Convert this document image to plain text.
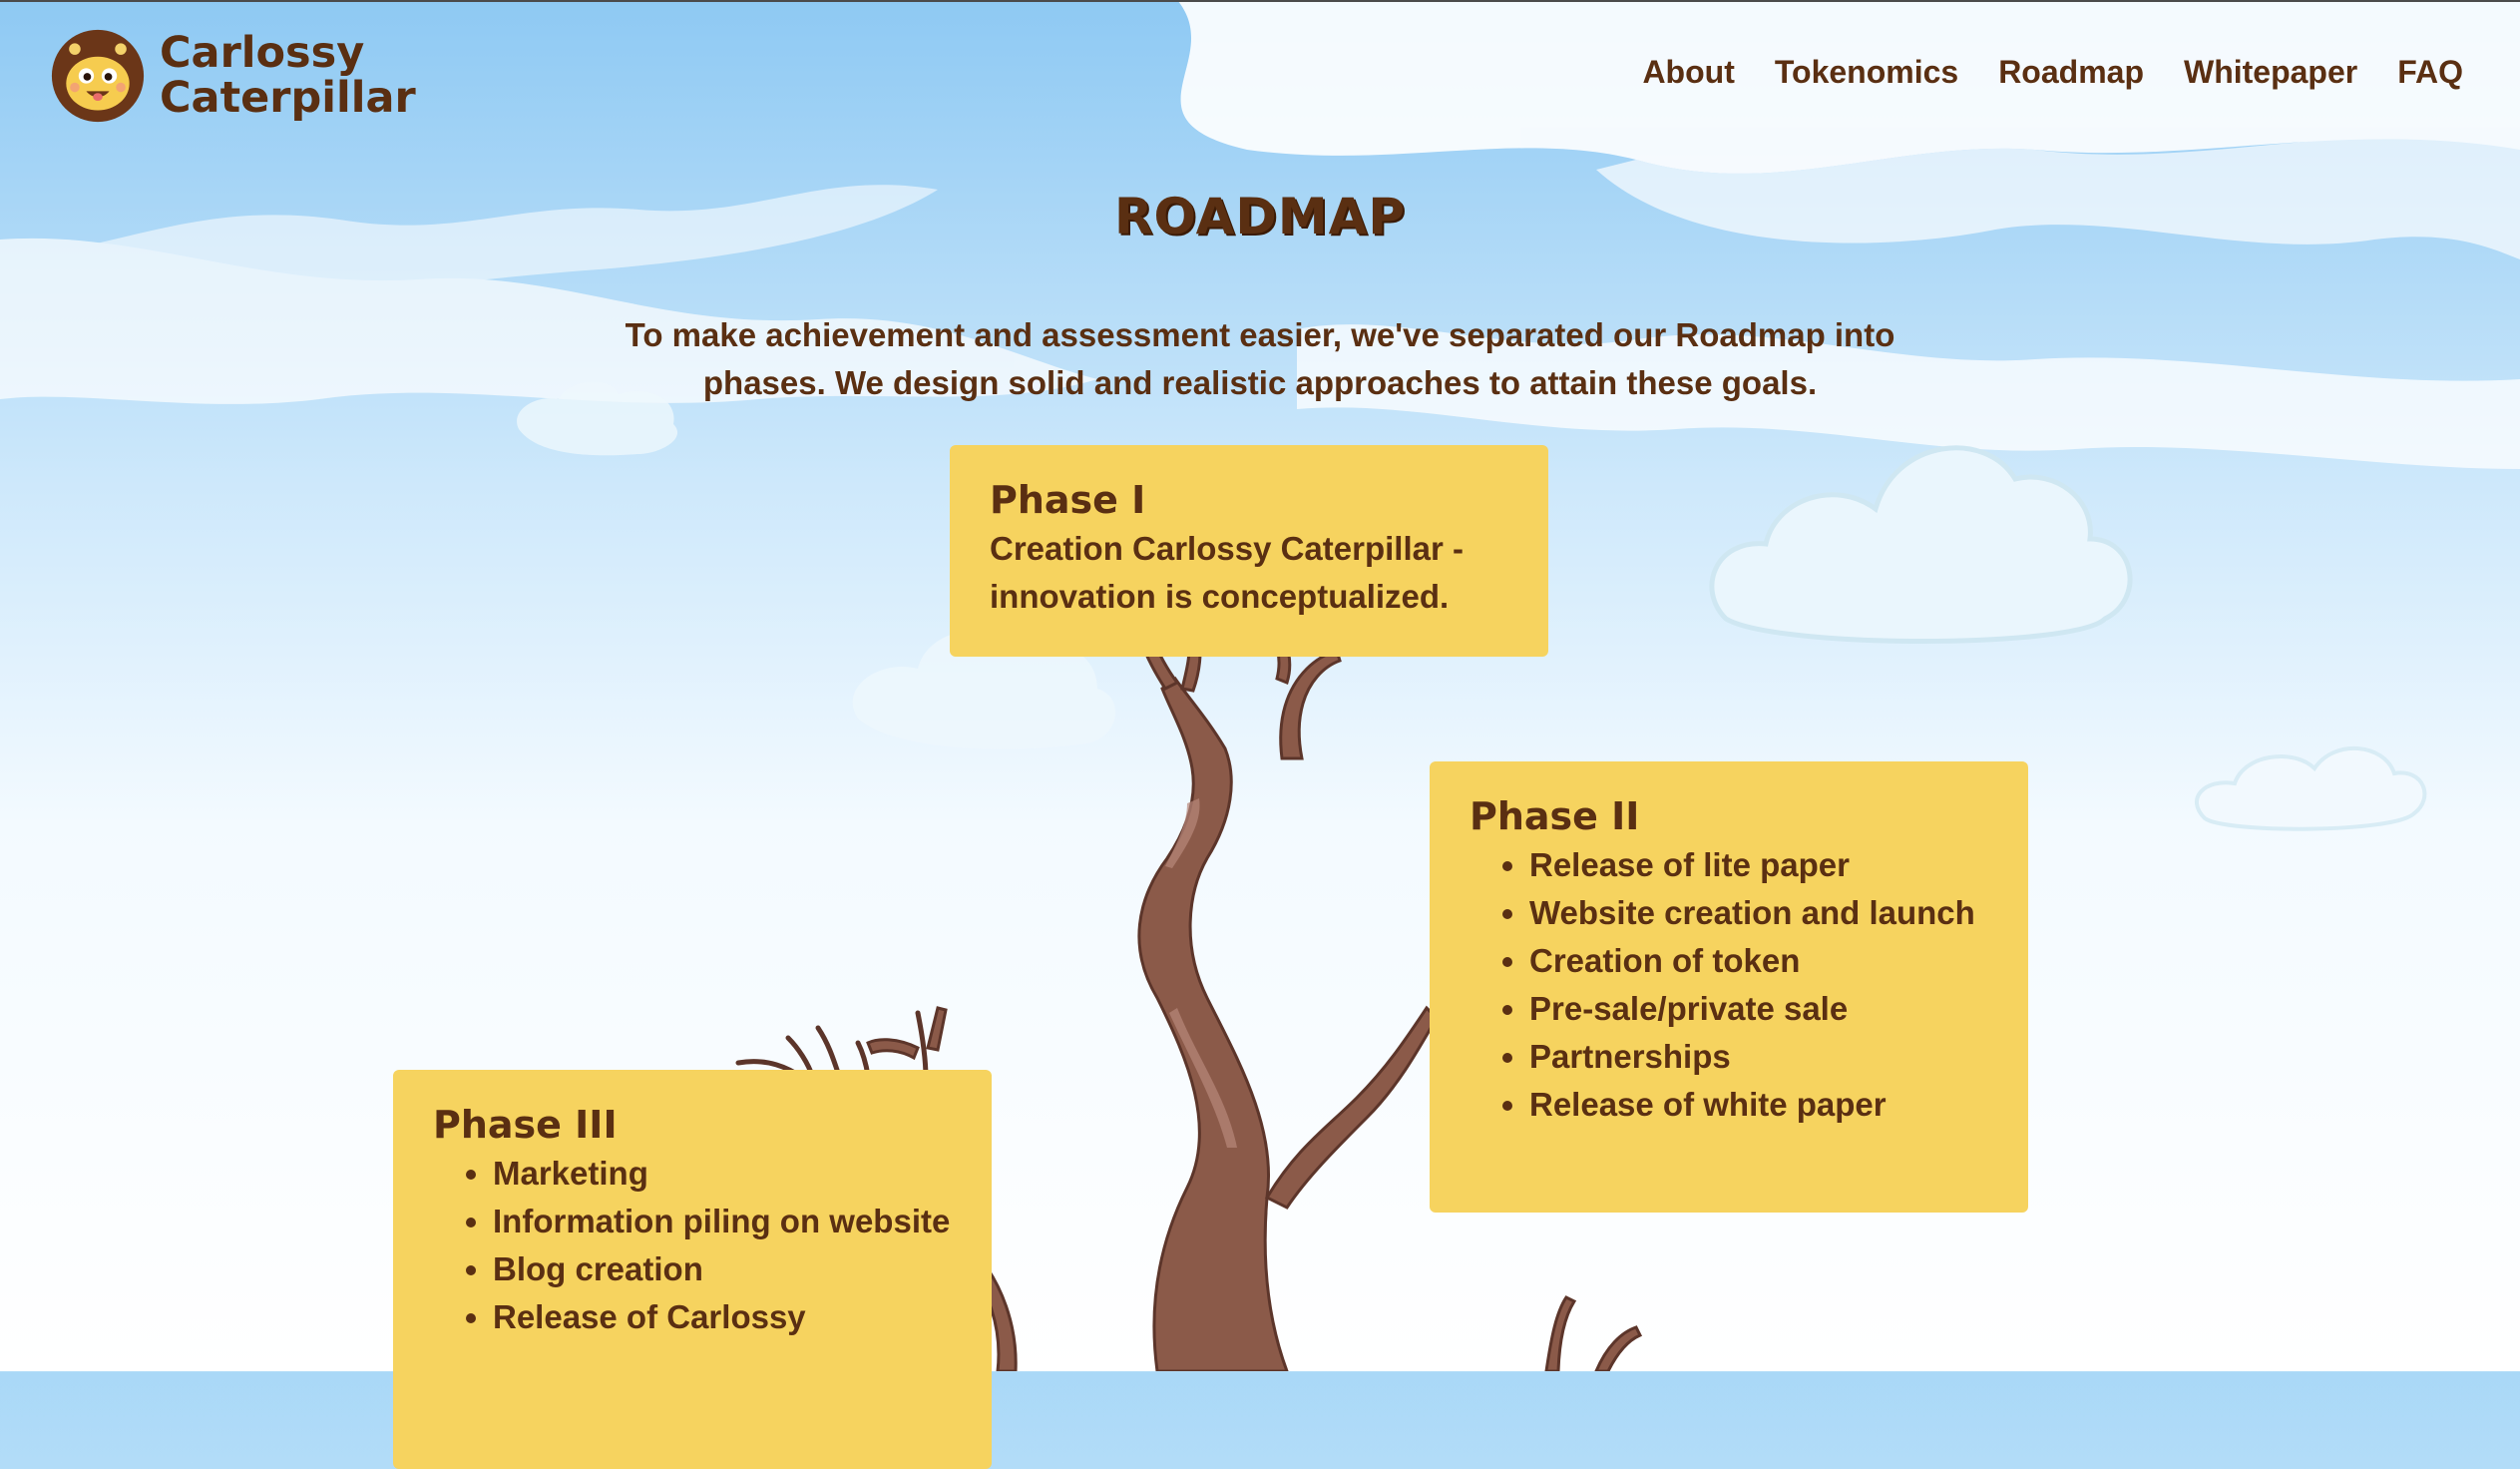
Carlossy
Caterpillar
About Tokenomics Roadmap Whitepaper FAQ
ROADMAP

To make achievement and assessment easier, we've separated our Roadmap into phases. We design solid and realistic approaches to attain these goals.

Phase I

Creation Carlossy Caterpillar - innovation is conceptualized.

Phase II
• Release of lite paper
• Website creation and launch
• Creation of token
• Pre-sale/private sale
• Partnerships
• Release of white paper
Phase III
• Marketing
• Information piling on website
• Blog creation
• Release of Carlossy
